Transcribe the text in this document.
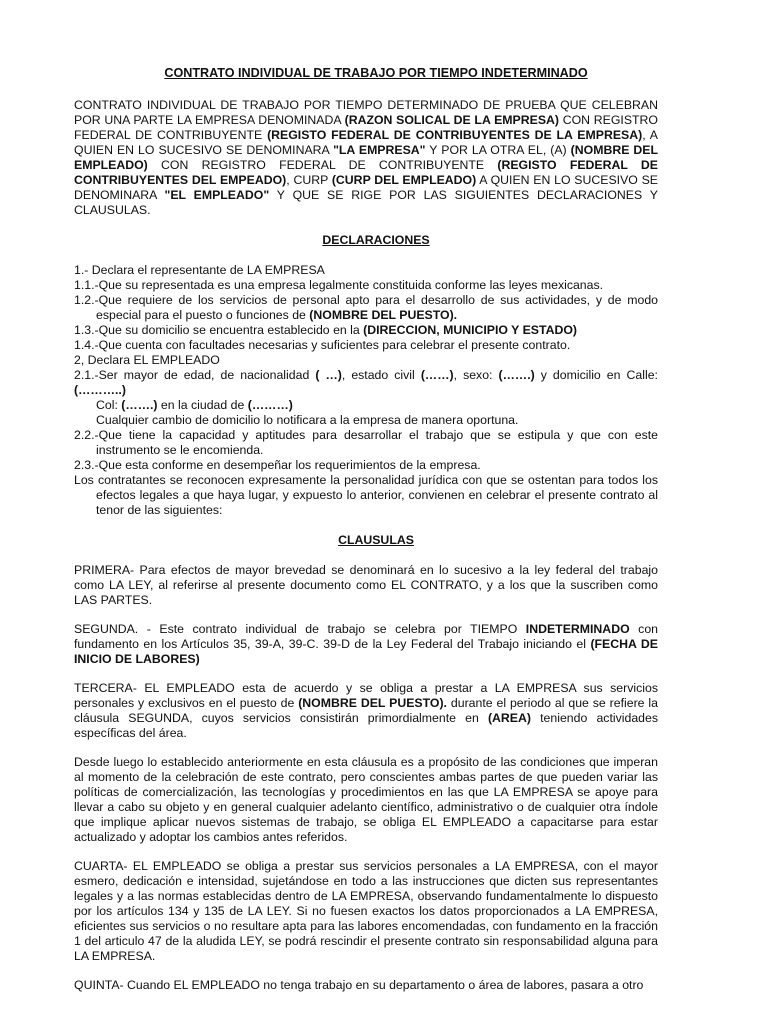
CONTRATO INDIVIDUAL DE TRABAJO POR TIEMPO INDETERMINADO

CONTRATO INDIVIDUAL DE TRABAJO POR TIEMPO DETERMINADO DE PRUEBA QUE CELEBRAN POR UNA PARTE LA EMPRESA DENOMINADA (RAZON SOLICAL DE LA EMPRESA) CON REGISTRO FEDERAL DE CONTRIBUYENTE (REGISTO FEDERAL DE CONTRIBUYENTES DE LA EMPRESA), A QUIEN EN LO SUCESIVO SE DENOMINARA "LA EMPRESA" Y POR LA OTRA EL, (A) (NOMBRE DEL EMPLEADO) CON REGISTRO FEDERAL DE CONTRIBUYENTE (REGISTO FEDERAL DE CONTRIBUYENTES DEL EMPEADO), CURP (CURP DEL EMPLEADO) A QUIEN EN LO SUCESIVO SE DENOMINARA "EL EMPLEADO" Y QUE SE RIGE POR LAS SIGUIENTES DECLARACIONES Y CLAUSULAS.

DECLARACIONES

1.- Declara el representante de LA EMPRESA

1.1.-Que su representada es una empresa legalmente constituida conforme las leyes mexicanas.

1.2.-Que requiere de los servicios de personal apto para el desarrollo de sus actividades, y de modo especial para el puesto o funciones de (NOMBRE DEL PUESTO).

1.3.-Que su domicilio se encuentra establecido en la (DIRECCION, MUNICIPIO Y ESTADO)

1.4.-Que cuenta con facultades necesarias y suficientes para celebrar el presente contrato.

2, Declara EL EMPLEADO

2.1.-Ser mayor de edad, de nacionalidad ( …), estado civil (……), sexo: (…….) y domicilio en Calle: (………..)

Col: (…….) en la ciudad de (………)

Cualquier cambio de domicilio lo notificara a la empresa de manera oportuna.

2.2.-Que tiene la capacidad y aptitudes para desarrollar el trabajo que se estipula y que con este instrumento se le encomienda.

2.3.-Que esta conforme en desempeñar los requerimientos de la empresa.

Los contratantes se reconocen expresamente la personalidad jurídica con que se ostentan para todos los efectos legales a que haya lugar, y expuesto lo anterior, convienen en celebrar el presente contrato al tenor de las siguientes:

CLAUSULAS

PRIMERA- Para efectos de mayor brevedad se denominará en lo sucesivo a la ley federal del trabajo como LA LEY, al referirse al presente documento como EL CONTRATO, y a los que la suscriben como LAS PARTES.

SEGUNDA. - Este contrato individual de trabajo se celebra por TIEMPO INDETERMINADO con fundamento en los Artículos 35, 39-A, 39-C. 39-D de la Ley Federal del Trabajo iniciando el (FECHA DE INICIO DE LABORES)

TERCERA- EL EMPLEADO esta de acuerdo y se obliga a prestar a LA EMPRESA sus servicios personales y exclusivos en el puesto de (NOMBRE DEL PUESTO). durante el periodo al que se refiere la cláusula SEGUNDA, cuyos servicios consistirán primordialmente en (AREA) teniendo actividades específicas del área.

Desde luego lo establecido anteriormente en esta cláusula es a propósito de las condiciones que imperan al momento de la celebración de este contrato, pero conscientes ambas partes de que pueden variar las políticas de comercialización, las tecnologías y procedimientos en las que LA EMPRESA se apoye para llevar a cabo su objeto y en general cualquier adelanto científico, administrativo o de cualquier otra índole que implique aplicar nuevos sistemas de trabajo, se obliga EL EMPLEADO a capacitarse para estar actualizado y adoptar los cambios antes referidos.

CUARTA- EL EMPLEADO se obliga a prestar sus servicios personales a LA EMPRESA, con el mayor esmero, dedicación e intensidad, sujetándose en todo a las instrucciones que dicten sus representantes legales y a las normas establecidas dentro de LA EMPRESA, observando fundamentalmente lo dispuesto por los artículos 134 y 135 de LA LEY. Si no fuesen exactos los datos proporcionados a LA EMPRESA, eficientes sus servicios o no resultare apta para las labores encomendadas, con fundamento en la fracción 1 del articulo 47 de la aludida LEY, se podrá rescindir el presente contrato sin responsabilidad alguna para LA EMPRESA.

QUINTA- Cuando EL EMPLEADO no tenga trabajo en su departamento o área de labores, pasara a otro
